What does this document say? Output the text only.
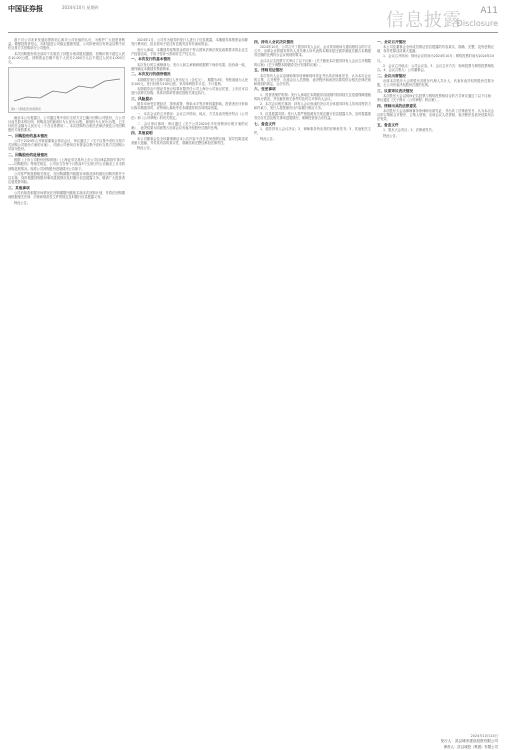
中国证券报	2024年10月 星期四
信息披露 A11
Disclosure

基于对公司未来发展前景的信心和对公司价值的认可，为维护广大投资者利益，增强投资者信心，同时促进公司稳定健康发展，公司拟使用自有资金以集中竞价交易方式回购部分公司股份。

本次回购股份将全部用于实施员工持股计划或股权激励，回购价格不超过人民币10.00元/股，回购资金总额不低于人民币2,000万元且不超过人民币4,000万元。

图1：回购股份进展情况

截至本公告披露日，公司通过集中竞价交易方式已累计回购公司股份，占公司目前总股本的比例，回购成交的最高价为人民币元/股，最低价为人民币元/股，已支付的总金额为人民币元（不含交易费用）。本次回购符合相关法律法规及公司回购股份方案的要求。

一、回购股份的基本情况

公司于2024年召开第届董事会第次会议，审议通过了《关于以集中竞价交易方式回购公司股份方案的议案》，同意公司使用自有资金以集中竞价交易方式回购公司部分股份。

二、回购股份的进展情况

根据《上市公司股份回购规则》《上海证券交易所上市公司自律监管指引第7号——回购股份》等相关规定，公司应当在每个月的前3个交易日内公告截至上月末的回购进展情况。现将公司回购股份进展情况公告如下。

公司将严格按照相关规定，在回购期限内根据市场情况择机做出回购决策并予以实施，同时根据回购股份事项进展情况及时履行信息披露义务，敬请广大投资者注意投资风险。

三、其他事项

公司后续将根据市场情况在回购期限内继续实施本次回购计划，并将在回购期间根据相关法律、法规和规范性文件的规定及时履行信息披露义务。

特此公告。

2024年1月，公司作为债券的发行人进行了信息披露，本期债券募集资金扣除发行费用后，拟全部用于偿还有息债务及补充流动资金。

发行人承诺，本期债券募集资金将用于符合国家法律法规及政策要求的企业生产经营活动，不用于弥补亏损和非生产性支出。

一、本次发行的基本情况

本次发行的主承销商为，发行人和主承销商根据网下询价结果，经协商一致，最终确定本期债券票面利率。

二、本次发行的债券情况

本期债券发行总额不超过人民币亿元（含亿元），期限为3年，每张面值为人民币100元，发行价格为100元/张，采用单利按年计息，不计复利。

本期债券由中国证券登记结算有限责任公司上海分公司登记托管，上市后可以进行质押式回购，具体折算率等事宜按相关规定执行。

三、风险提示

债券市场受宏观经济、国家政策、利率水平等多种因素影响，投资者在评价和认购本期债券时，应特别认真地考虑本期债券的各项风险因素。

一、本次会议的召开情况：会议召开时间、地点、方式及表决程序符合《公司法》和《公司章程》的有关规定。

二、会议审议事项：审议通过《关于公司2024年半年度利润分配方案的议案》，表决结果为同意票占出席会议有表决权股份总数的比例。

四、其他说明

本公司董事会及全体董事保证本公告内容不存在任何虚假记载、误导性陈述或者重大遗漏，并对其内容的真实性、准确性和完整性承担法律责任。

特此公告。

四、持有人会议决议情况

2024年10月，公司召开了债券持有人会议，会议采用现场与通讯相结合的方式召开，出席会议的债券持有人及代理人所代表的本期未偿还债券面值总额占本期债券总额的比例符合会议规则的要求。

会议以记名投票方式审议了以下议案：《关于豁免本次债券持有人会议召开期限的议案》《关于调整本期债券兑付安排的议案》。

五、律师见证情况

本次持有人会议由律师事务所律师现场见证并出具法律意见书，认为本次会议的召集、召开程序、出席会议人员资格、表决程序和表决结果均符合相关法律法规和规则的规定，合法有效。

六、变更事项

1、投资者保护机制：发行人承诺在本期债券存续期内将持续关注偿债保障措施的执行情况，并在触发相关条件时及时召开持有人会议。

2、本次会议相关事项：持有人会议形成的决议对全体债券持有人具有同等效力和约束力，发行人将按照决议内容履行相应义务。

3、信息披露安排：发行人将严格按照有关规定履行信息披露义务，及时披露债券兑付兑息及相关事项进展情况，保障投资者合法权益。

七、备查文件

1、债券持有人会议决议；2、律师事务所出具的法律意见书；3、其他相关文件。

特此公告。

一、会议召开情况

本公司及董事会全体成员保证信息披露的内容真实、准确、完整，没有虚假记载、误导性陈述或重大遗漏。

1、会议召开时间：现场会议时间为2024年10月；网络投票时间为2024年10月。

2、会议召开地点：公司会议室。3、会议召开方式：现场投票与网络投票相结合。4、会议召集人：公司董事会。

二、会议出席情况

出席本次股东大会的股东及股东代理人共计人，代表有表决权的股份总数为股，占公司有表决权股份总数的比例。

三、议案审议表决情况

本次股东大会以现场记名投票与网络投票相结合的方式审议通过了以下议案：审议通过《关于修订〈公司章程〉的议案》。

四、律师出具的法律意见

本次股东大会由律师事务所律师出席见证，并出具了法律意见书，认为本次会议的召集和召开程序、召集人资格、出席会议人员资格、表决程序及表决结果均合法有效。

五、备查文件

1、股东大会决议；2、法律意见书。

特此公告。

2024年10月24日
发行人：武汉城市建设投资有限公司
保荐人：武汉城投（集团）有限公司
